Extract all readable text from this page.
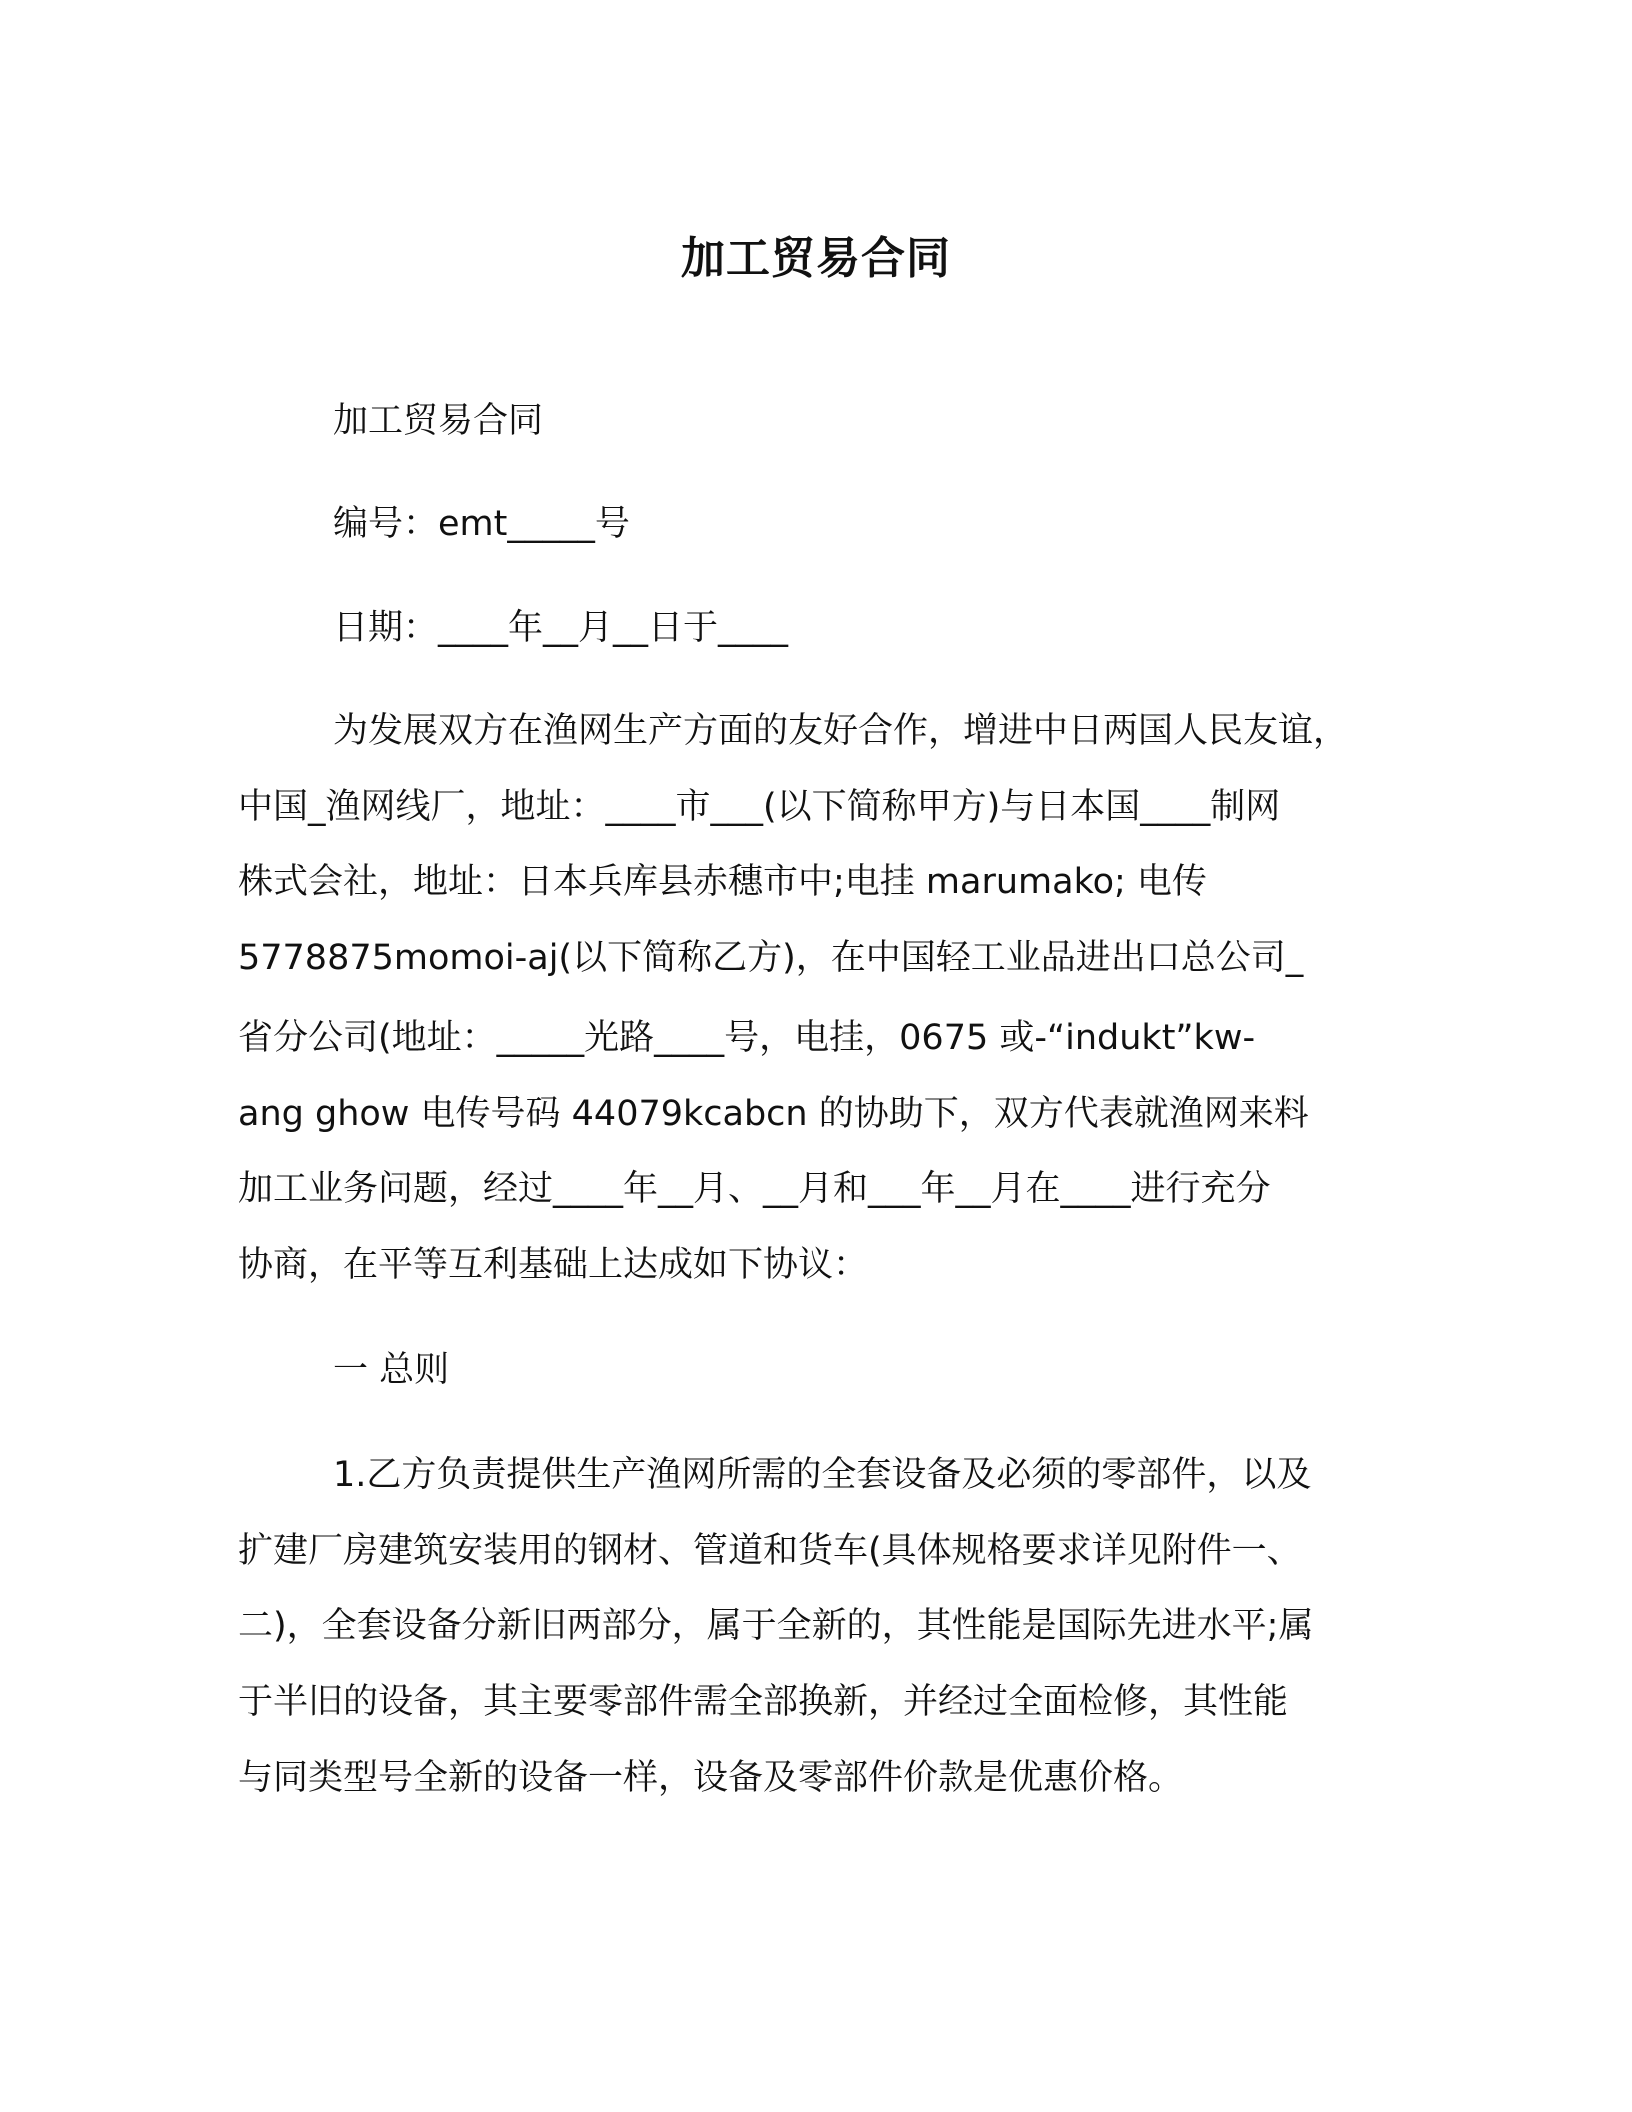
加工贸易合同
加工贸易合同
编号：emt_____号
日期：____年__月__日于____
为发展双方在渔网生产方面的友好合作，增进中日两国人民友谊，
中国_渔网线厂，地址：____市___(以下简称甲方)与日本国____制网
株式会社，地址：日本兵库县赤穗市中;电挂 marumako; 电传
5778875momoi-aj(以下简称乙方)，在中国轻工业品进出口总公司_
省分公司(地址：_____光路____号，电挂，0675 或-“indukt”kw-
ang ghow 电传号码 44079kcabcn 的协助下，双方代表就渔网来料
加工业务问题，经过____年__月、__月和___年__月在____进行充分
协商，在平等互利基础上达成如下协议：
一 总则
1.乙方负责提供生产渔网所需的全套设备及必须的零部件，以及
扩建厂房建筑安装用的钢材、管道和货车(具体规格要求详见附件一、
二)，全套设备分新旧两部分，属于全新的，其性能是国际先进水平;属
于半旧的设备，其主要零部件需全部换新，并经过全面检修，其性能
与同类型号全新的设备一样，设备及零部件价款是优惠价格。
